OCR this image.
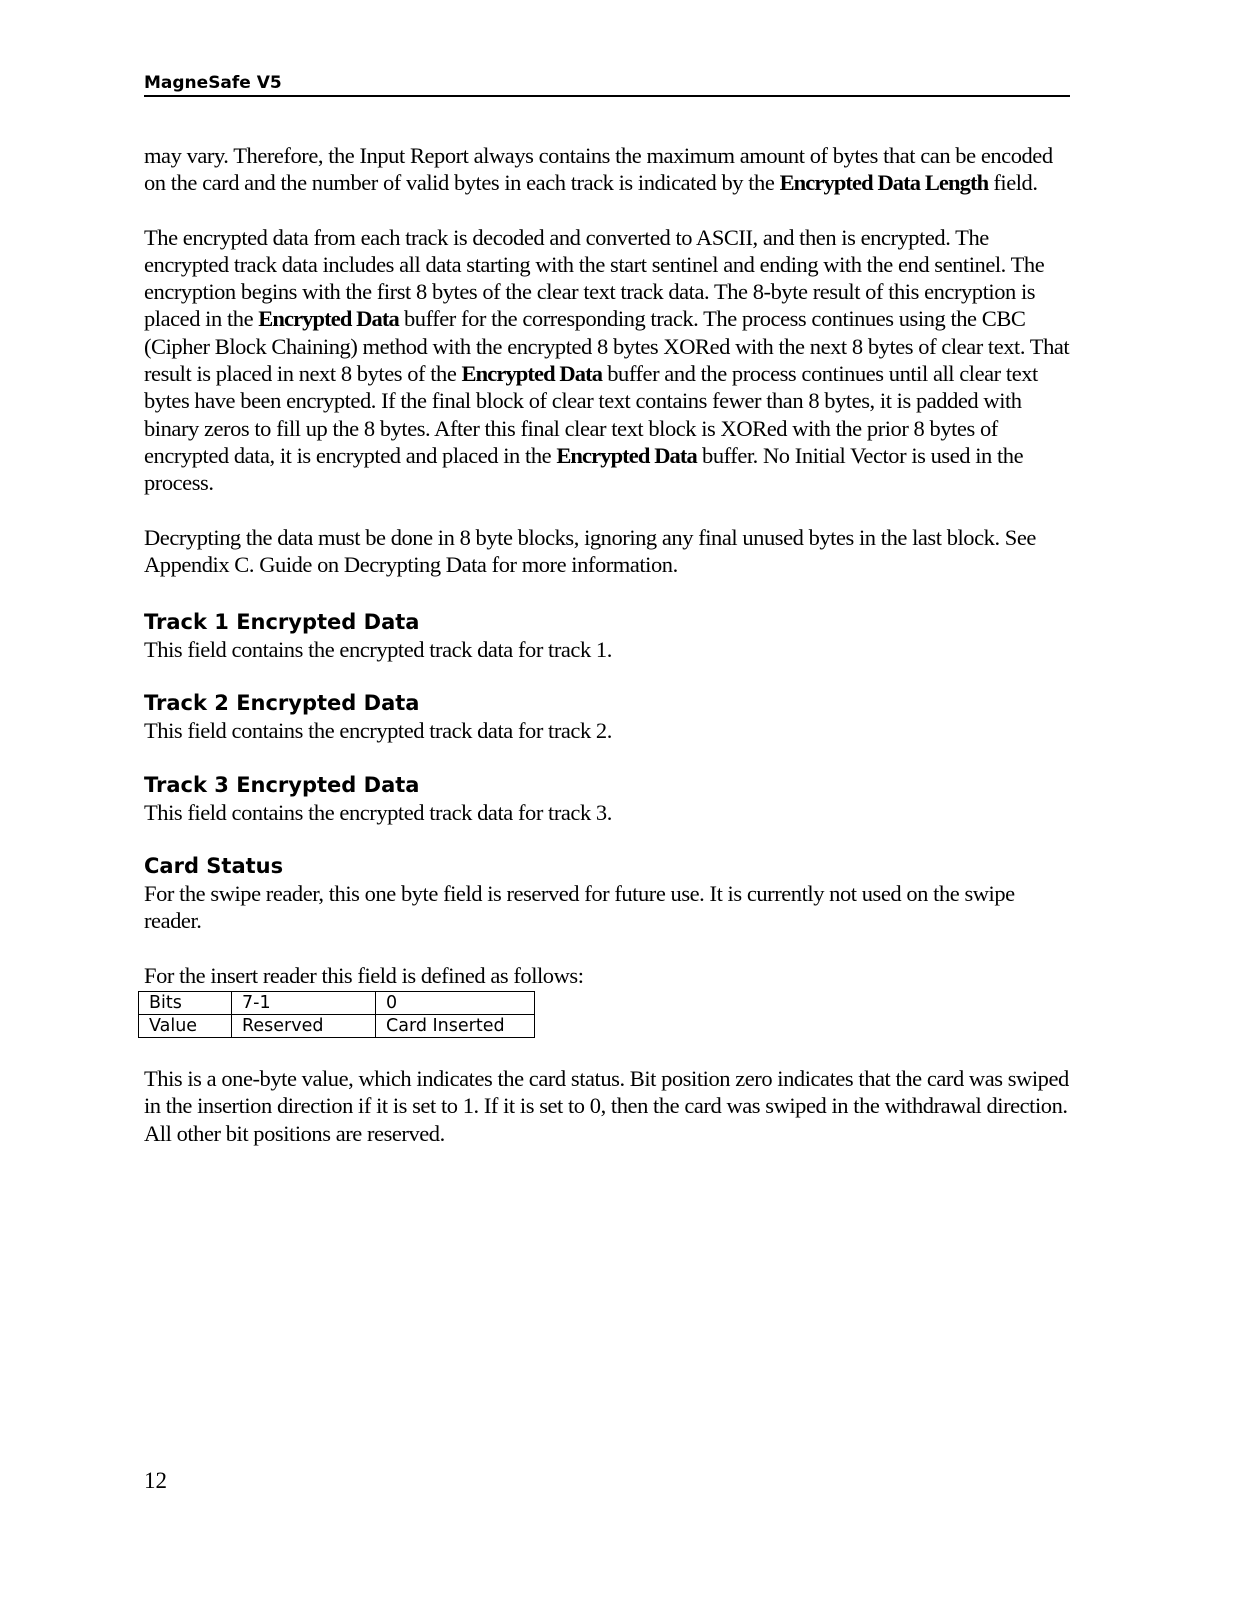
MagneSafe V5

may vary. Therefore, the Input Report always contains the maximum amount of bytes that can be encoded on the card and the number of valid bytes in each track is indicated by the Encrypted Data Length field.

The encrypted data from each track is decoded and converted to ASCII, and then is encrypted. The encrypted track data includes all data starting with the start sentinel and ending with the end sentinel. The encryption begins with the first 8 bytes of the clear text track data. The 8-byte result of this encryption is placed in the Encrypted Data buffer for the corresponding track. The process continues using the CBC (Cipher Block Chaining) method with the encrypted 8 bytes XORed with the next 8 bytes of clear text. That result is placed in next 8 bytes of the Encrypted Data buffer and the process continues until all clear text bytes have been encrypted. If the final block of clear text contains fewer than 8 bytes, it is padded with binary zeros to fill up the 8 bytes. After this final clear text block is XORed with the prior 8 bytes of encrypted data, it is encrypted and placed in the Encrypted Data buffer. No Initial Vector is used in the process.

Decrypting the data must be done in 8 byte blocks, ignoring any final unused bytes in the last block. See Appendix C. Guide on Decrypting Data for more information.

Track 1 Encrypted Data

This field contains the encrypted track data for track 1.

Track 2 Encrypted Data

This field contains the encrypted track data for track 2.

Track 3 Encrypted Data

This field contains the encrypted track data for track 3.

Card Status

For the swipe reader, this one byte field is reserved for future use. It is currently not used on the swipe reader.

For the insert reader this field is defined as follows:

Bits	7-1	0
Value	Reserved	Card Inserted

This is a one-byte value, which indicates the card status. Bit position zero indicates that the card was swiped in the insertion direction if it is set to 1. If it is set to 0, then the card was swiped in the withdrawal direction. All other bit positions are reserved.

12
